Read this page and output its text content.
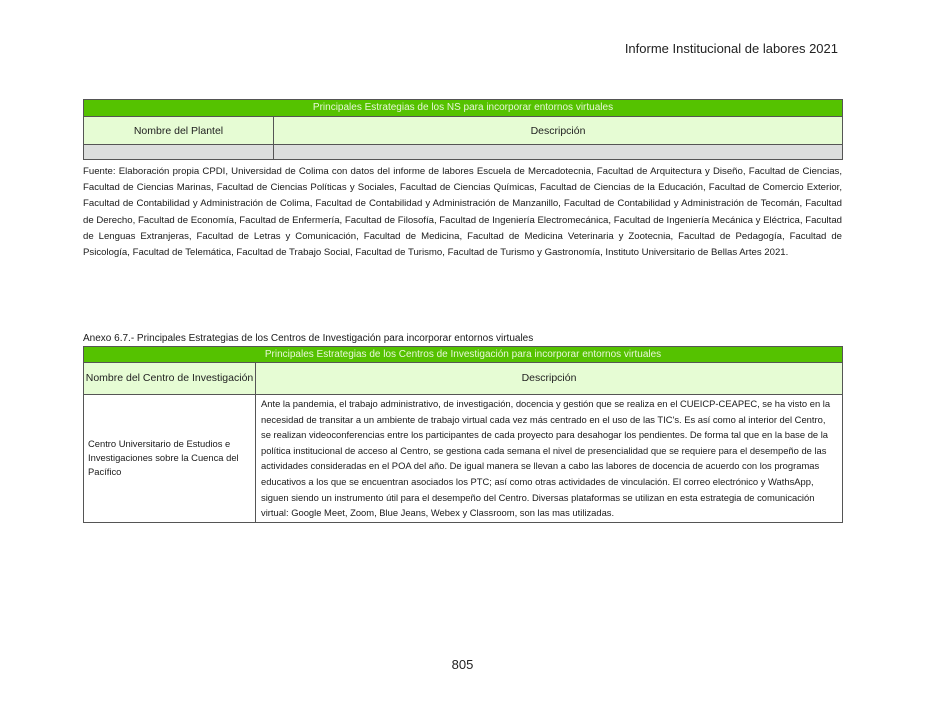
Informe Institucional de labores 2021
Principales Estrategias de los NS para incorporar entornos virtuales	
Nombre del Plantel	Descripción

Fuente: Elaboración propia CPDI, Universidad de Colima con datos del informe de labores Escuela de Mercadotecnia, Facultad de Arquitectura y Diseño, Facultad de Ciencias, Facultad de Ciencias Marinas, Facultad de Ciencias Políticas y Sociales, Facultad de Ciencias Químicas, Facultad de Ciencias de la Educación, Facultad de Comercio Exterior, Facultad de Contabilidad y Administración de Colima, Facultad de Contabilidad y Administración de Manzanillo, Facultad de Contabilidad y Administración de Tecomán, Facultad de Derecho, Facultad de Economía, Facultad de Enfermería, Facultad de Filosofía, Facultad de Ingeniería Electromecánica, Facultad de Ingeniería Mecánica y Eléctrica, Facultad de Lenguas Extranjeras, Facultad de Letras y Comunicación, Facultad de Medicina, Facultad de Medicina Veterinaria y Zootecnia, Facultad de Pedagogía, Facultad de Psicología, Facultad de Telemática, Facultad de Trabajo Social, Facultad de Turismo, Facultad de Turismo y Gastronomía, Instituto Universitario de Bellas Artes 2021.
Anexo 6.7.- Principales Estrategias de los Centros de Investigación para incorporar entornos virtuales
Principales Estrategias de los Centros de Investigación para incorporar entornos virtuales	
Nombre del Centro de Investigación	Descripción
Centro Universitario de Estudios e Investigaciones sobre la Cuenca del Pacífico	Ante la pandemia, el trabajo administrativo, de investigación, docencia y gestión que se realiza en el CUEICP-CEAPEC, se ha visto en la necesidad de transitar a un ambiente de trabajo virtual cada vez más centrado en el uso de las TIC's. Es así como al interior del Centro, se realizan videoconferencias entre los participantes de cada proyecto para desahogar los pendientes. De forma tal que en la base de la política institucional de acceso al Centro, se gestiona cada semana el nivel de presencialidad que se requiere para el desempeño de las actividades consideradas en el POA del año. De igual manera se llevan a cabo las labores de docencia de acuerdo con los programas educativos a los que se encuentran asociados los PTC; así como otras actividades de vinculación. El correo electrónico y WathsApp, siguen siendo un instrumento útil para el desempeño del Centro. Diversas plataformas se utilizan en esta estrategia de comunicación virtual: Google Meet, Zoom, Blue Jeans, Webex y Classroom, son las mas utilizadas.
805
